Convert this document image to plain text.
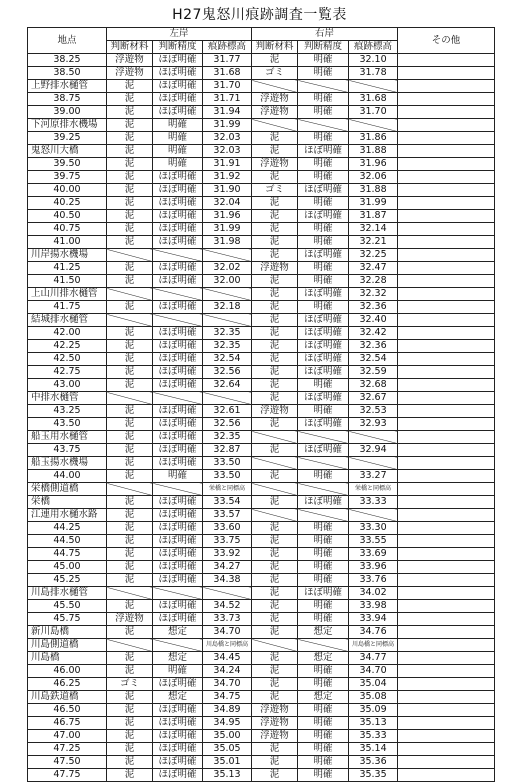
H27鬼怒川痕跡調査一覧表
地点	左岸			右岸			その他
	判断材料	判断精度	痕跡標高	判断材料	判断精度	痕跡標高	
38.25	浮遊物	ほぼ明確	31.77	泥	明確	32.10	
38.50	浮遊物	ほぼ明確	31.68	ゴミ	明確	31.78	
上野排水樋管	泥	ほぼ明確	31.70				
38.75	泥	ほぼ明確	31.71	浮遊物	明確	31.68	
39.00	泥	ほぼ明確	31.94	浮遊物	明確	31.70	
下河原排水機場	泥	明確	31.99				
39.25	泥	明確	32.03	泥	明確	31.86	
鬼怒川大橋	泥	明確	32.03	泥	ほぼ明確	31.88	
39.50	泥	明確	31.91	浮遊物	明確	31.96	
39.75	泥	ほぼ明確	31.92	泥	明確	32.06	
40.00	泥	ほぼ明確	31.90	ゴミ	ほぼ明確	31.88	
40.25	泥	ほぼ明確	32.04	泥	明確	31.99	
40.50	泥	ほぼ明確	31.96	泥	ほぼ明確	31.87	
40.75	泥	ほぼ明確	31.99	泥	明確	32.14	
41.00	泥	ほぼ明確	31.98	泥	明確	32.21	
川岸揚水機場				泥	ほぼ明確	32.25	
41.25	泥	ほぼ明確	32.02	浮遊物	明確	32.47	
41.50	泥	ほぼ明確	32.00	泥	明確	32.28	
上山川排水樋管				泥	ほぼ明確	32.32	
41.75	泥	ほぼ明確	32.18	泥	明確	32.36	
結城排水樋管				泥	ほぼ明確	32.40	
42.00	泥	ほぼ明確	32.35	泥	ほぼ明確	32.42	
42.25	泥	ほぼ明確	32.35	泥	ほぼ明確	32.36	
42.50	泥	ほぼ明確	32.54	泥	ほぼ明確	32.54	
42.75	泥	ほぼ明確	32.56	泥	ほぼ明確	32.59	
43.00	泥	ほぼ明確	32.64	泥	明確	32.68	
中排水樋管				泥	ほぼ明確	32.67	
43.25	泥	ほぼ明確	32.61	浮遊物	明確	32.53	
43.50	泥	ほぼ明確	32.56	泥	ほぼ明確	32.93	
船玉用水樋管	泥	ほぼ明確	32.35				
43.75	泥	ほぼ明確	32.87	泥	ほぼ明確	32.94	
船玉揚水機場	泥	ほぼ明確	33.50				
44.00	泥	明確	33.50	泥	明確	33.27	
栄橋側道橋			栄橋と同標高			栄橋と同標高	
栄橋	泥	ほぼ明確	33.54	泥	ほぼ明確	33.33	
江連用水樋水路	泥	ほぼ明確	33.57				
44.25	泥	ほぼ明確	33.60	泥	明確	33.30	
44.50	泥	ほぼ明確	33.75	泥	明確	33.55	
44.75	泥	ほぼ明確	33.92	泥	明確	33.69	
45.00	泥	ほぼ明確	34.27	泥	明確	33.96	
45.25	泥	ほぼ明確	34.38	泥	明確	33.76	
川島排水樋管				泥	ほぼ明確	34.02	
45.50	泥	ほぼ明確	34.52	泥	明確	33.98	
45.75	浮遊物	ほぼ明確	33.73	泥	明確	33.94	
新川島橋	泥	想定	34.70	泥	想定	34.76	
川島側道橋			川島橋と同標高			川島橋と同標高	
川島橋	泥	想定	34.45	泥	想定	34.77	
46.00	泥	明確	34.24	泥	明確	34.70	
46.25	ゴミ	ほぼ明確	34.70	泥	明確	35.04	
川島鉄道橋	泥	想定	34.75	泥	想定	35.08	
46.50	泥	ほぼ明確	34.89	浮遊物	明確	35.09	
46.75	泥	ほぼ明確	34.95	浮遊物	明確	35.13	
47.00	泥	ほぼ明確	35.00	浮遊物	明確	35.33	
47.25	泥	ほぼ明確	35.05	泥	明確	35.14	
47.50	泥	ほぼ明確	35.01	泥	明確	35.36	
47.75	泥	ほぼ明確	35.13	泥	明確	35.35	
